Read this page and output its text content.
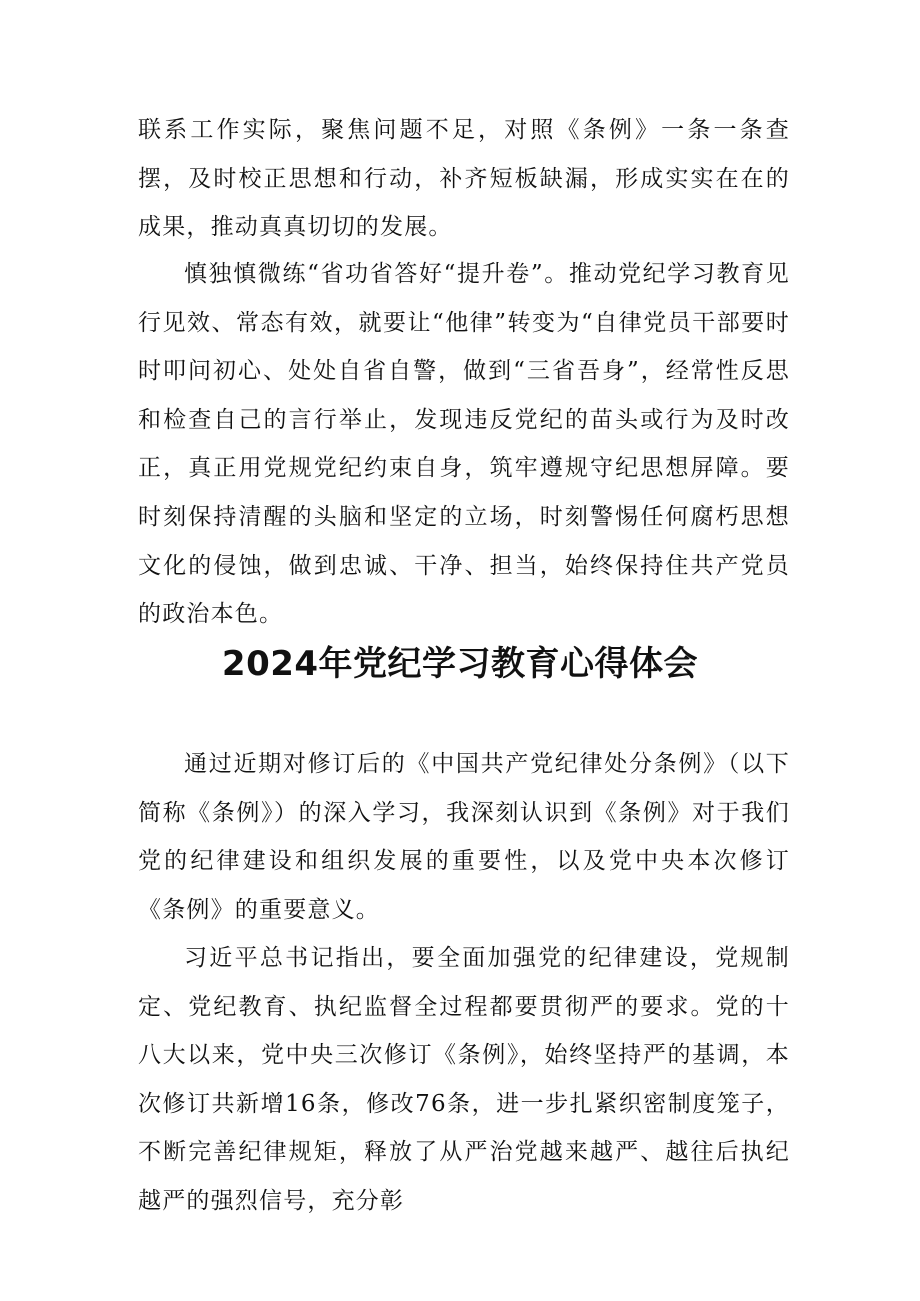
联系工作实际，聚焦问题不足，对照《条例》一条一条查摆，及时校正思想和行动，补齐短板缺漏，形成实实在在的成果，推动真真切切的发展。

慎独慎微练“省功省答好“提升卷”。推动党纪学习教育见行见效、常态有效，就要让“他律”转变为“自律党员干部要时时叩问初心、处处自省自警，做到“三省吾身”，经常性反思和检查自己的言行举止，发现违反党纪的苗头或行为及时改正，真正用党规党纪约束自身，筑牢遵规守纪思想屏障。要时刻保持清醒的头脑和坚定的立场，时刻警惕任何腐朽思想文化的侵蚀，做到忠诚、干净、担当，始终保持住共产党员的政治本色。

2024年党纪学习教育心得体会

通过近期对修订后的《中国共产党纪律处分条例》（以下简称《条例》）的深入学习，我深刻认识到《条例》对于我们党的纪律建设和组织发展的重要性，以及党中央本次修订《条例》的重要意义。

习近平总书记指出，要全面加强党的纪律建设，党规制定、党纪教育、执纪监督全过程都要贯彻严的要求。党的十八大以来，党中央三次修订《条例》，始终坚持严的基调，本次修订共新增16条，修改76条，进一步扎紧织密制度笼子，不断完善纪律规矩，释放了从严治党越来越严、越往后执纪越严的强烈信号，充分彰
